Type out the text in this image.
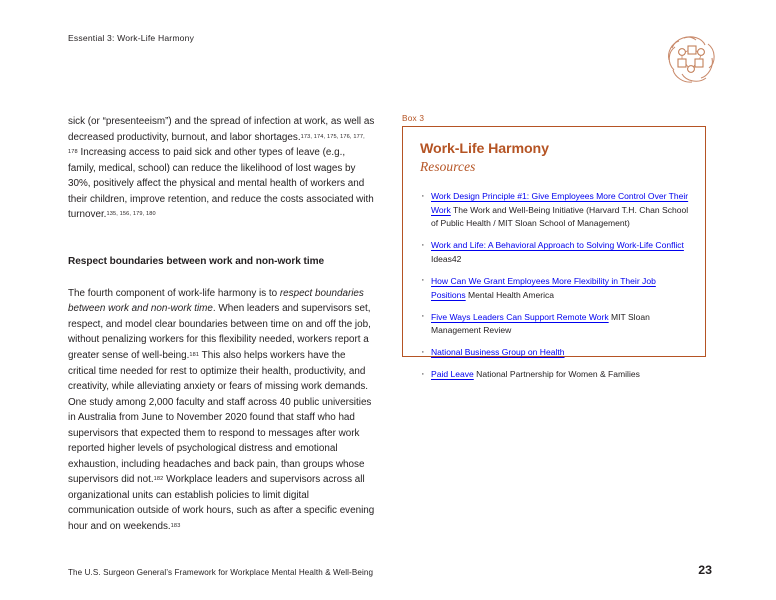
Essential 3: Work-Life Harmony

sick (or “presenteeism”) and the spread of infection at work, as well as decreased productivity, burnout, and labor shortages.$^{173, 174, 175, 176, 177, 178}$ Increasing access to paid sick and other types of leave (e.g., family, medical, school) can reduce the likelihood of lost wages by 30%, positively affect the physical and mental health of workers and their children, improve retention, and reduce the costs associated with turnover.$^{135, 156, 179, 180}$

Respect boundaries between work and non-work time

The fourth component of work-life harmony is to respect boundaries between work and non-work time. When leaders and supervisors set, respect, and model clear boundaries between time on and off the job, without penalizing workers for this flexibility needed, workers report a greater sense of well-being.$^{181}$ This also helps workers have the critical time needed for rest to optimize their health, productivity, and creativity, while alleviating anxiety or fears of missing work demands. One study among 2,000 faculty and staff across 40 public universities in Australia from June to November 2020 found that staff who had supervisors that expected them to respond to messages after work reported higher levels of psychological distress and emotional exhaustion, including headaches and back pain, than groups whose supervisors did not.$^{182}$ Workplace leaders and supervisors across all organizational units can establish policies to limit digital communication outside of work hours, such as after a specific evening hour and on weekends.$^{183}$

Box 3
Work-Life Harmony
Resources
· Work Design Principle #1: Give Employees More Control Over Their Work The Work and Well-Being Initiative (Harvard T.H. Chan School of Public Health / MIT Sloan School of Management)
· Work and Life: A Behavioral Approach to Solving Work-Life Conflict Ideas42
· How Can We Grant Employees More Flexibility in Their Job Positions Mental Health America
· Five Ways Leaders Can Support Remote Work MIT Sloan Management Review
· National Business Group on Health
· Paid Leave National Partnership for Women & Families
The U.S. Surgeon General’s Framework for Workplace Mental Health & Well-Being	23
